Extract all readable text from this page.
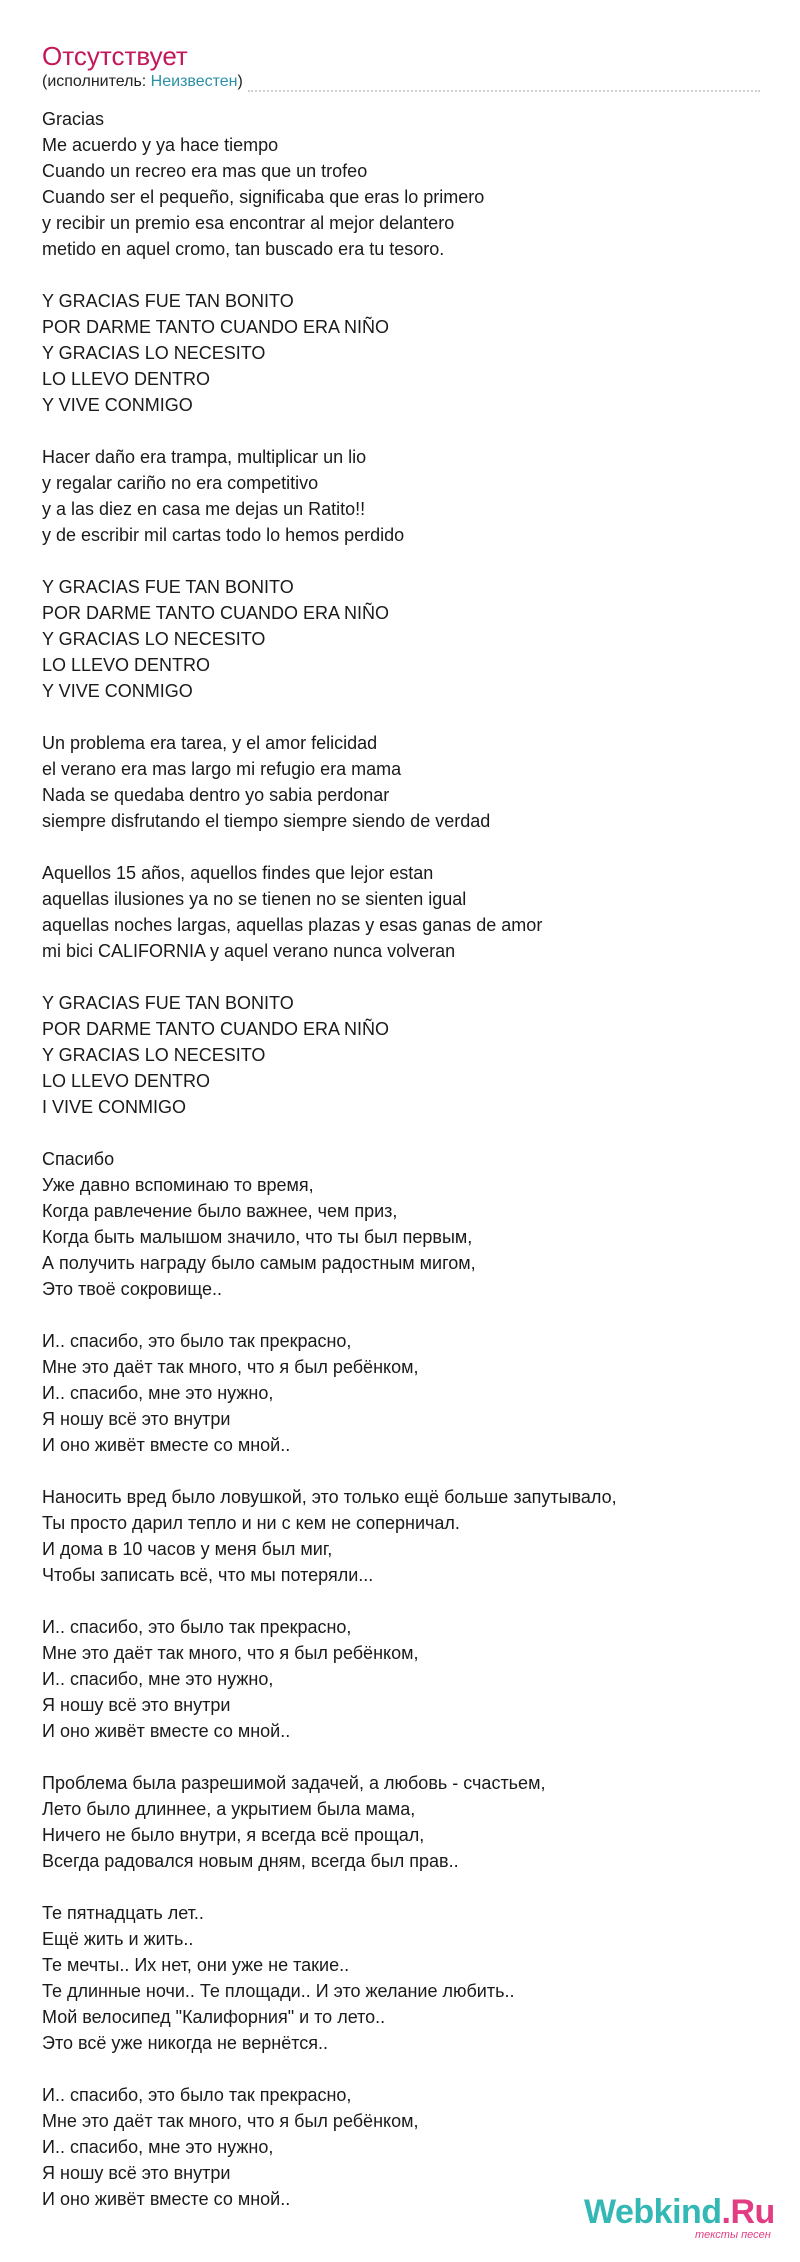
Отсутствует
(исполнитель: Неизвестен)
Gracias
Me acuerdo y ya hace tiempo
Cuando un recreo era mas que un trofeo
Cuando ser el pequeño, significaba que eras lo primero
y recibir un premio esa encontrar al mejor delantero
metido en aquel cromo, tan buscado era tu tesoro.
Y GRACIAS FUE TAN BONITO
POR DARME TANTO CUANDO ERA NIÑO
Y GRACIAS LO NECESITO
LO LLEVO DENTRO
Y VIVE CONMIGO
Hacer daño era trampa, multiplicar un lio
y regalar cariño no era competitivo
y a las diez en casa me dejas un Ratito!!
y de escribir mil cartas todo lo hemos perdido
Y GRACIAS FUE TAN BONITO
POR DARME TANTO CUANDO ERA NIÑO
Y GRACIAS LO NECESITO
LO LLEVO DENTRO
Y VIVE CONMIGO
Un problema era tarea, y el amor felicidad
el verano era mas largo mi refugio era mama
Nada se quedaba dentro yo sabia perdonar
siempre disfrutando el tiempo siempre siendo de verdad
Aquellos 15 años, aquellos findes que lejor estan
aquellas ilusiones ya no se tienen no se sienten igual
aquellas noches largas, aquellas plazas y esas ganas de amor
mi bici CALIFORNIA y aquel verano nunca volveran
Y GRACIAS FUE TAN BONITO
POR DARME TANTO CUANDO ERA NIÑO
Y GRACIAS LO NECESITO
LO LLEVO DENTRO
I VIVE CONMIGO
Спасибо
Уже давно вспоминаю то время,
Когда равлечение было важнее, чем приз,
Когда быть малышом значило, что ты был первым,
А получить награду было самым радостным мигом,
Это твоё сокровище..
И.. спасибо, это было так прекрасно,
Мне это даёт так много, что я был ребёнком,
И.. спасибо, мне это нужно,
Я ношу всё это внутри
И оно живёт вместе со мной..
Наносить вред было ловушкой, это только ещё больше запутывало,
Ты просто дарил тепло и ни с кем не соперничал.
И дома в 10 часов у меня был миг,
Чтобы записать всё, что мы потеряли...
И.. спасибо, это было так прекрасно,
Мне это даёт так много, что я был ребёнком,
И.. спасибо, мне это нужно,
Я ношу всё это внутри
И оно живёт вместе со мной..
Проблема была разрешимой задачей, а любовь - счастьем,
Лето было длиннее, а укрытием была мама,
Ничего не было внутри, я всегда всё прощал,
Всегда радовался новым дням, всегда был прав..
Те пятнадцать лет..
Ещё жить и жить..
Те мечты.. Их нет, они уже не такие..
Те длинные ночи.. Те площади.. И это желание любить..
Мой велосипед "Калифорния" и то лето..
Это всё уже никогда не вернётся..
И.. спасибо, это было так прекрасно,
Мне это даёт так много, что я был ребёнком,
И.. спасибо, мне это нужно,
Я ношу всё это внутри
И оно живёт вместе со мной..	Webkind.Ru
тексты песен
